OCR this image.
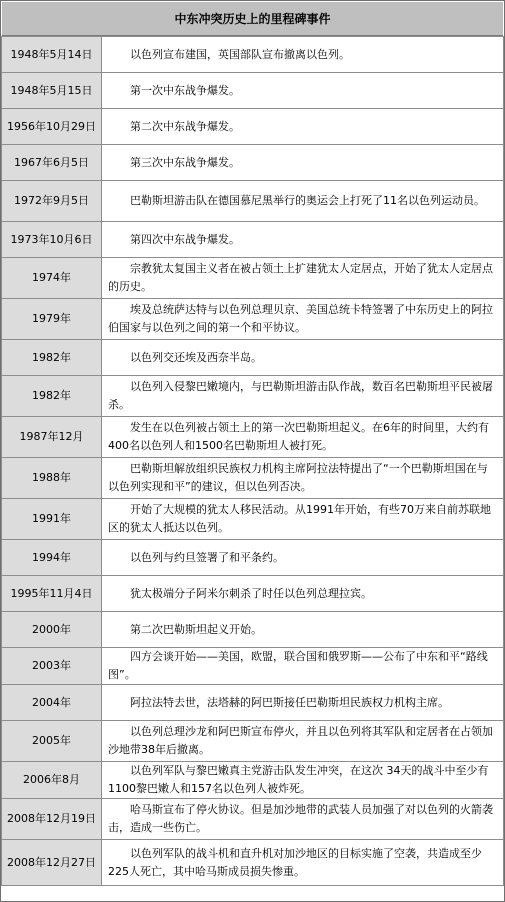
中东冲突历史上的里程碑事件
1948年5月14日	以色列宣布建国，英国部队宣布撤离以色列。

1948年5月15日	第一次中东战争爆发。

1956年10月29日	第二次中东战争爆发。

1967年6月5日	第三次中东战争爆发。

1972年9月5日	巴勒斯坦游击队在德国慕尼黑举行的奥运会上打死了11名以色列运动员。

1973年10月6日	第四次中东战争爆发。

1974年	宗教犹太复国主义者在被占领土上扩建犹太人定居点，开始了犹太人定居点的历史。

1979年	埃及总统萨达特与以色列总理贝京、美国总统卡特签署了中东历史上的阿拉伯国家与以色列之间的第一个和平协议。

1982年	以色列交还埃及西奈半岛。

1982年	以色列入侵黎巴嫩境内，与巴勒斯坦游击队作战，数百名巴勒斯坦平民被屠杀。

1987年12月	发生在以色列被占领土上的第一次巴勒斯坦起义。在6年的时间里，大约有400名以色列人和1500名巴勒斯坦人被打死。

1988年	巴勒斯坦解放组织民族权力机构主席阿拉法特提出了“一个巴勒斯坦国在与以色列实现和平”的建议，但以色列否决。

1991年	开始了大规模的犹太人移民活动。从1991年开始，有些70万来自前苏联地区的犹太人抵达以色列。

1994年	以色列与约旦签署了和平条约。

1995年11月4日	犹太极端分子阿米尔刺杀了时任以色列总理拉宾。

2000年	第二次巴勒斯坦起义开始。

2003年	四方会谈开始——美国，欧盟，联合国和俄罗斯——公布了中东和平“路线图”。

2004年	阿拉法特去世，法塔赫的阿巴斯接任巴勒斯坦民族权力机构主席。

2005年	以色列总理沙龙和阿巴斯宣布停火，并且以色列将其军队和定居者在占领加沙地带38年后撤离。

2006年8月	以色列军队与黎巴嫩真主党游击队发生冲突，在这次 34天的战斗中至少有1100黎巴嫩人和157名以色列人被炸死。

2008年12月19日	哈马斯宣布了停火协议。但是加沙地带的武装人员加强了对以色列的火箭袭击，造成一些伤亡。

2008年12月27日	以色列军队的战斗机和直升机对加沙地区的目标实施了空袭，共造成至少225人死亡，其中哈马斯成员损失惨重。
